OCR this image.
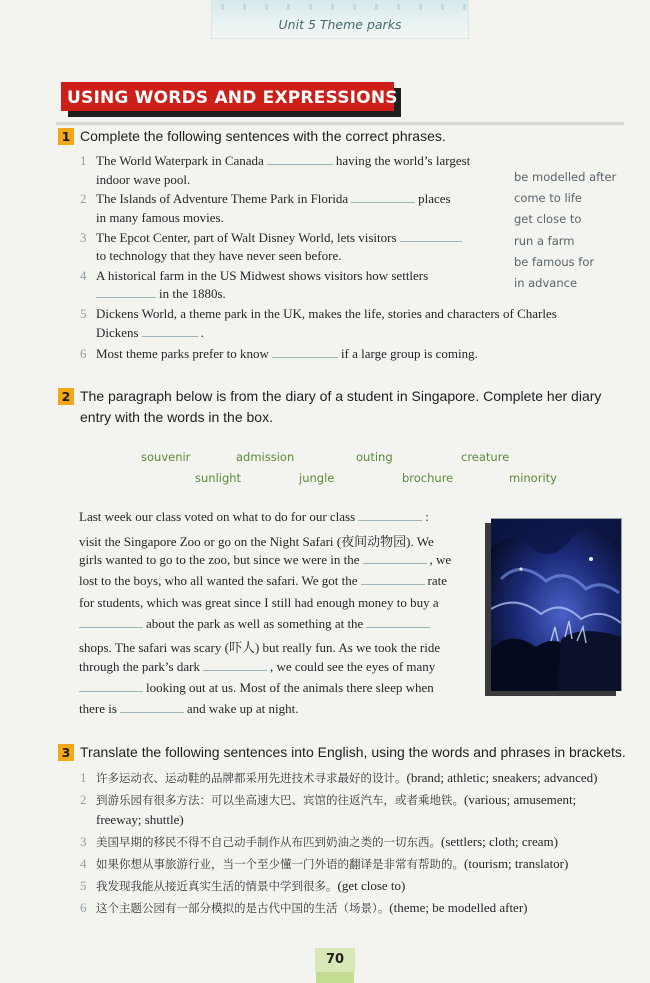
Unit 5 Theme parks
USING WORDS AND EXPRESSIONS
1 Complete the following sentences with the correct phrases.
1 The World Waterpark in Canada	having the world’s largest
indoor wave pool.
2 The Islands of Adventure Theme Park in Florida	places
in many famous movies.
3 The Epcot Center, part of Walt Disney World, lets visitors
to technology that they have never seen before.
4 A historical farm in the US Midwest shows visitors how settlers
in the 1880s.
5 Dickens World, a theme park in the UK, makes the life, stories and characters of Charles
Dickens	.
6 Most theme parks prefer to know	if a large group is coming.
be modelled after
come to life
get close to
run a farm
be famous for
in advance
2 The paragraph below is from the diary of a student in Singapore. Complete her diary
entry with the words in the box.
souvenir	admission	outing	creature
sunlight	jungle	brochure	minority
Last week our class voted on what to do for our class	:
visit the Singapore Zoo or go on the Night Safari (夜间动物园). We
girls wanted to go to the zoo, but since we were in the	, we
lost to the boys, who all wanted the safari. We got the	rate
for students, which was great since I still had enough money to buy a
about the park as well as something at the
shops. The safari was scary (吓人) but really fun. As we took the ride
through the park’s dark	, we could see the eyes of many
looking out at us. Most of the animals there sleep when
there is	and wake up at night.
3 Translate the following sentences into English, using the words and phrases in brackets.
1 许多运动衣、运动鞋的品牌都采用先进技术寻求最好的设计。(brand; athletic; sneakers; advanced)
2 到游乐园有很多方法：可以坐高速大巴、宾馆的往返汽车，或者乘地铁。(various; amusement;
freeway; shuttle)
3 美国早期的移民不得不自己动手制作从布匹到奶油之类的一切东西。(settlers; cloth; cream)
4 如果你想从事旅游行业，当一个至少懂一门外语的翻译是非常有帮助的。(tourism; translator)
5 我发现我能从接近真实生活的情景中学到很多。(get close to)
6 这个主题公园有一部分模拟的是古代中国的生活（场景）。(theme; be modelled after)
70
